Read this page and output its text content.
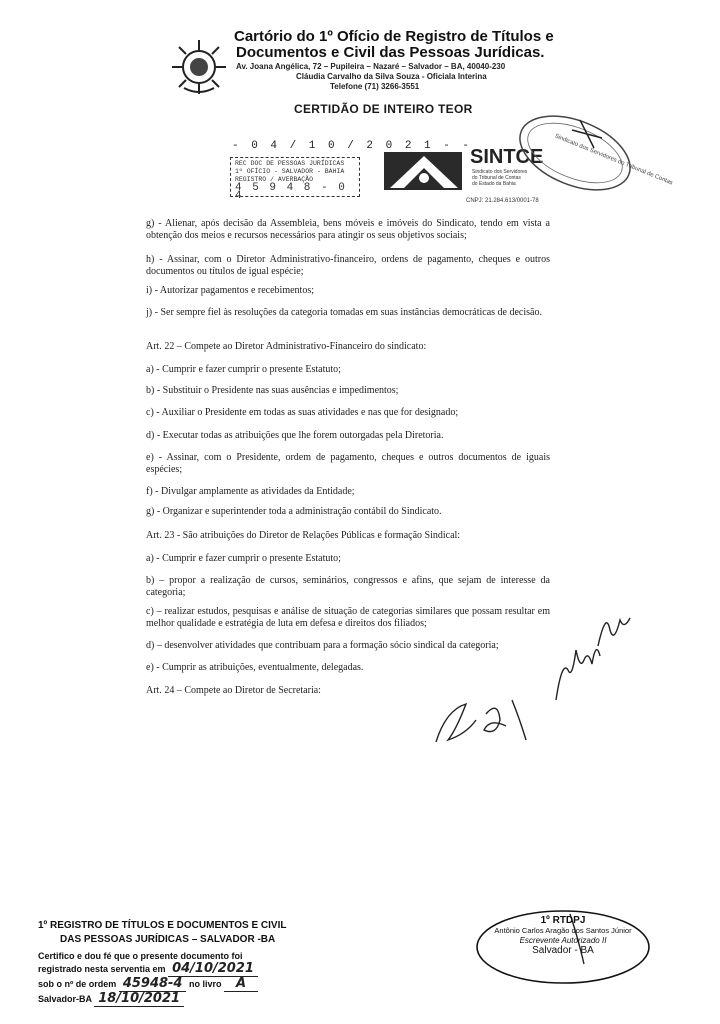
Cartório do 1º Ofício de Registro de Títulos e
Documentos e Civil das Pessoas Jurídicas.
Av. Joana Angélica, 72 – Pupileira – Nazaré – Salvador – BA, 40040-230
Cláudia Carvalho da Silva Souza - Oficiala Interina
Telefone (71) 3266-3551
CERTIDÃO DE INTEIRO TEOR
- 0 4 / 1 0 / 2 0 2 1 - -
REC DOC DE PESSOAS JURÍDICAS
1º OFÍCIO - SALVADOR - BAHIA
REGISTRO / AVERBAÇÃO
4 5 9 4 8 - 0 4
SINTCE
Sindicato dos Servidores
do Tribunal de Contas
do Estado da Bahia
CNPJ: 21.284.613/0001-78
Sindicato dos Servidores do Tribunal de Contas
g) - Alienar, após decisão da Assembleia, bens móveis e imóveis do Sindicato, tendo em vista a obtenção dos meios e recursos necessários para atingir os seus objetivos sociais;
h) - Assinar, com o Diretor Administrativo-financeiro, ordens de pagamento, cheques e outros documentos ou títulos de igual espécie;
i) - Autorizar pagamentos e recebimentos;
j) - Ser sempre fiel às resoluções da categoria tomadas em suas instâncias democráticas de decisão.
Art. 22 – Compete ao Diretor Administrativo-Financeiro do sindicato:
a) - Cumprir e fazer cumprir o presente Estatuto;
b) - Substituir o Presidente nas suas ausências e impedimentos;
c) - Auxiliar o Presidente em todas as suas atividades e nas que for designado;
d) - Executar todas as atribuições que lhe forem outorgadas pela Diretoria.
e) - Assinar, com o Presidente, ordem de pagamento, cheques e outros documentos de iguais espécies;
f) - Divulgar amplamente as atividades da Entidade;
g) - Organizar e superintender toda a administração contábil do Sindicato.
Art. 23 - São atribuições do Diretor de Relações Públicas e formação Sindical:
a) - Cumprir e fazer cumprir o presente Estatuto;
b) – propor a realização de cursos, seminários, congressos e afins, que sejam de interesse da categoria;
c) – realizar estudos, pesquisas e análise de situação de categorias similares que possam resultar em melhor qualidade e estratégia de luta em defesa e direitos dos filiados;
d) – desenvolver atividades que contribuam para a formação sócio sindical da categoria;
e) - Cumprir as atribuições, eventualmente, delegadas.
Art. 24 – Compete ao Diretor de Secretaria:
1º REGISTRO DE TÍTULOS E DOCUMENTOS E CIVIL
DAS PESSOAS JURÍDICAS – SALVADOR -BA
Certifico e dou fé que o presente documento foi
registrado nesta serventia em 04/10/2021
sob o nº de ordem 45948-4 no livro A
Salvador-BA 18/10/2021
1º RTDPJ
Antônio Carlos Aragão dos Santos Júnior
Escrevente Autorizado II
Salvador - BA
